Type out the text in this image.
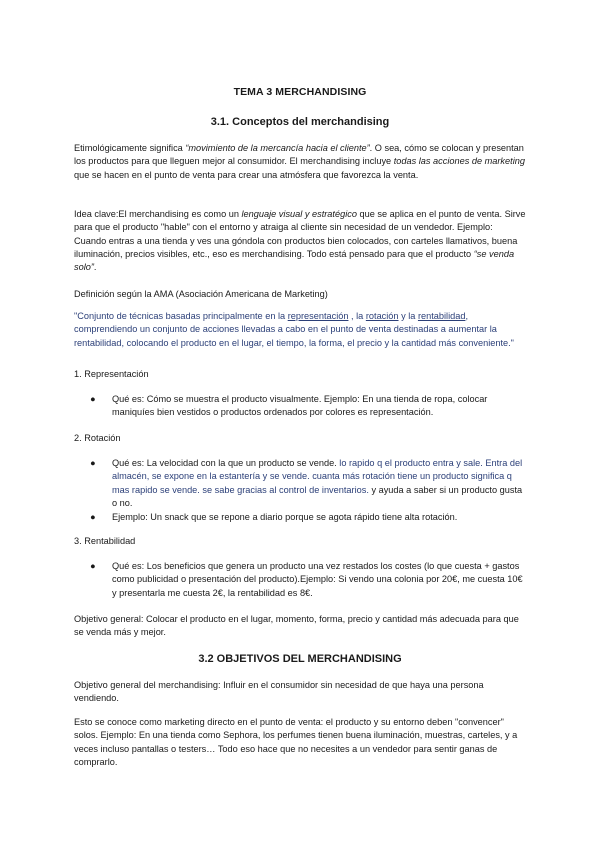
TEMA 3 MERCHANDISING
3.1. Conceptos del merchandising

Etimológicamente significa “movimiento de la mercancía hacia el cliente”. O sea, cómo se colocan y presentan los productos para que lleguen mejor al consumidor. El merchandising incluye todas las acciones de marketing que se hacen en el punto de venta para crear una atmósfera que favorezca la venta.

Idea clave:El merchandising es como un lenguaje visual y estratégico que se aplica en el punto de venta. Sirve para que el producto "hable" con el entorno y atraiga al cliente sin necesidad de un vendedor. Ejemplo: Cuando entras a una tienda y ves una góndola con productos bien colocados, con carteles llamativos, buena iluminación, precios visibles, etc., eso es merchandising. Todo está pensado para que el producto “se venda solo”.

Definición según la AMA (Asociación Americana de Marketing)

"Conjunto de técnicas basadas principalmente en la representación , la rotación y la rentabilidad, comprendiendo un conjunto de acciones llevadas a cabo en el punto de venta destinadas a aumentar la rentabilidad, colocando el producto en el lugar, el tiempo, la forma, el precio y la cantidad más conveniente."

1. Representación
● Qué es: Cómo se muestra el producto visualmente. Ejemplo: En una tienda de ropa, colocar maniquíes bien vestidos o productos ordenados por colores es representación.
2. Rotación
● Qué es: La velocidad con la que un producto se vende. lo rapido q el producto entra y sale. Entra del almacén, se expone en la estantería y se vende. cuanta más rotación tiene un producto significa q mas rapido se vende. se sabe gracias al control de inventarios. y ayuda a saber si un producto gusta o no.
● Ejemplo: Un snack que se repone a diario porque se agota rápido tiene alta rotación.
3. Rentabilidad
● Qué es: Los beneficios que genera un producto una vez restados los costes (lo que cuesta + gastos como publicidad o presentación del producto).Ejemplo: Si vendo una colonia por 20€, me cuesta 10€ y presentarla me cuesta 2€, la rentabilidad es 8€.
Objetivo general: Colocar el producto en el lugar, momento, forma, precio y cantidad más adecuada para que se venda más y mejor.
3.2 OBJETIVOS DEL MERCHANDISING
Objetivo general del merchandising: Influir en el consumidor sin necesidad de que haya una persona vendiendo.
Esto se conoce como marketing directo en el punto de venta: el producto y su entorno deben "convencer" solos. Ejemplo: En una tienda como Sephora, los perfumes tienen buena iluminación, muestras, carteles, y a veces incluso pantallas o testers… Todo eso hace que no necesites a un vendedor para sentir ganas de comprarlo.
